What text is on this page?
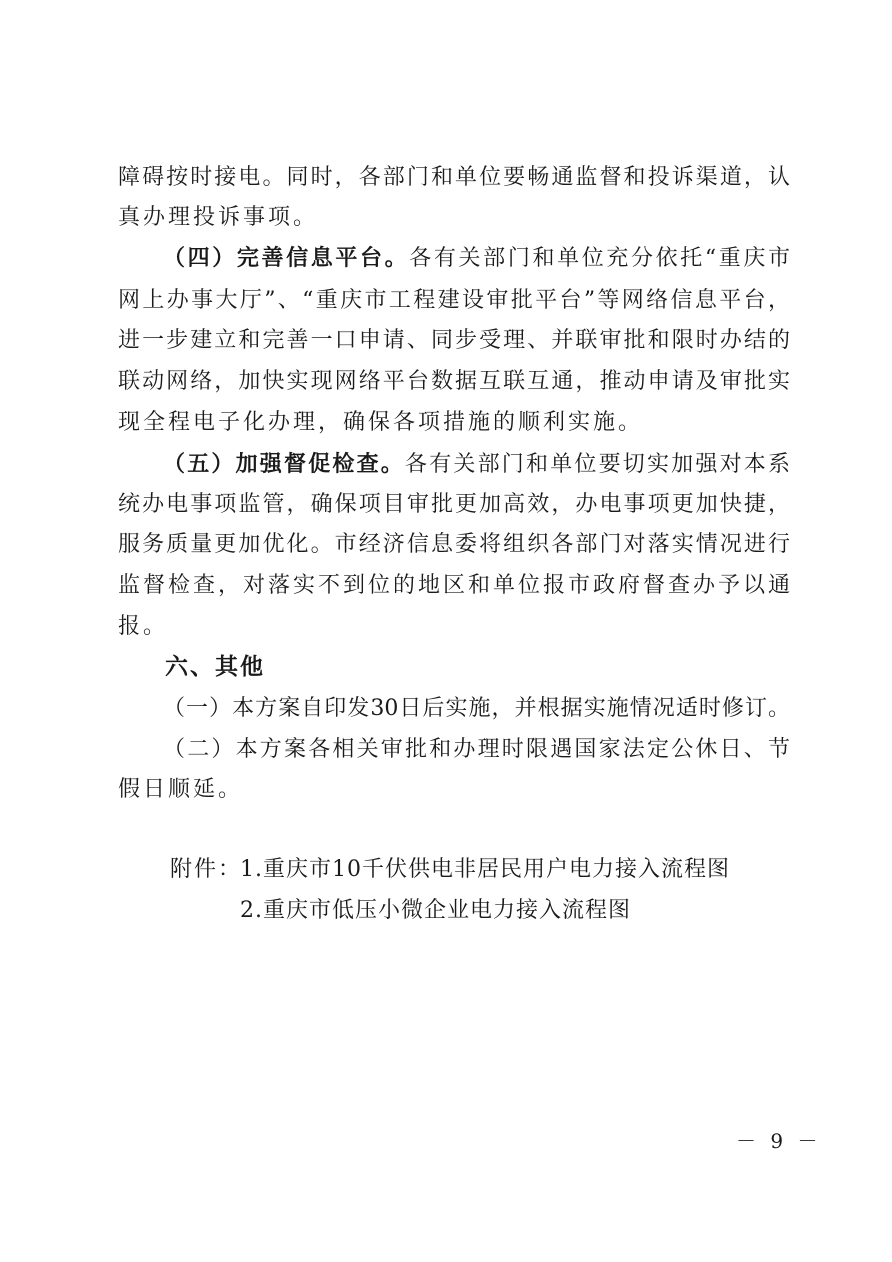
障碍按时接电。同时，各部门和单位要畅通监督和投诉渠道，认
真办理投诉事项。
（四）完善信息平台。各有关部门和单位充分依托“重庆市
网上办事大厅”、“重庆市工程建设审批平台”等网络信息平台，
进一步建立和完善一口申请、同步受理、并联审批和限时办结的
联动网络，加快实现网络平台数据互联互通，推动申请及审批实
现全程电子化办理，确保各项措施的顺利实施。
（五）加强督促检查。各有关部门和单位要切实加强对本系
统办电事项监管，确保项目审批更加高效，办电事项更加快捷，
服务质量更加优化。市经济信息委将组织各部门对落实情况进行
监督检查，对落实不到位的地区和单位报市政府督查办予以通
报。
六、其他
（一）本方案自印发30日后实施，并根据实施情况适时修订。
（二）本方案各相关审批和办理时限遇国家法定公休日、节
假日顺延。
附件：
1.重庆市10千伏供电非居民用户电力接入流程图
2.重庆市低压小微企业电力接入流程图
－ 9 －
